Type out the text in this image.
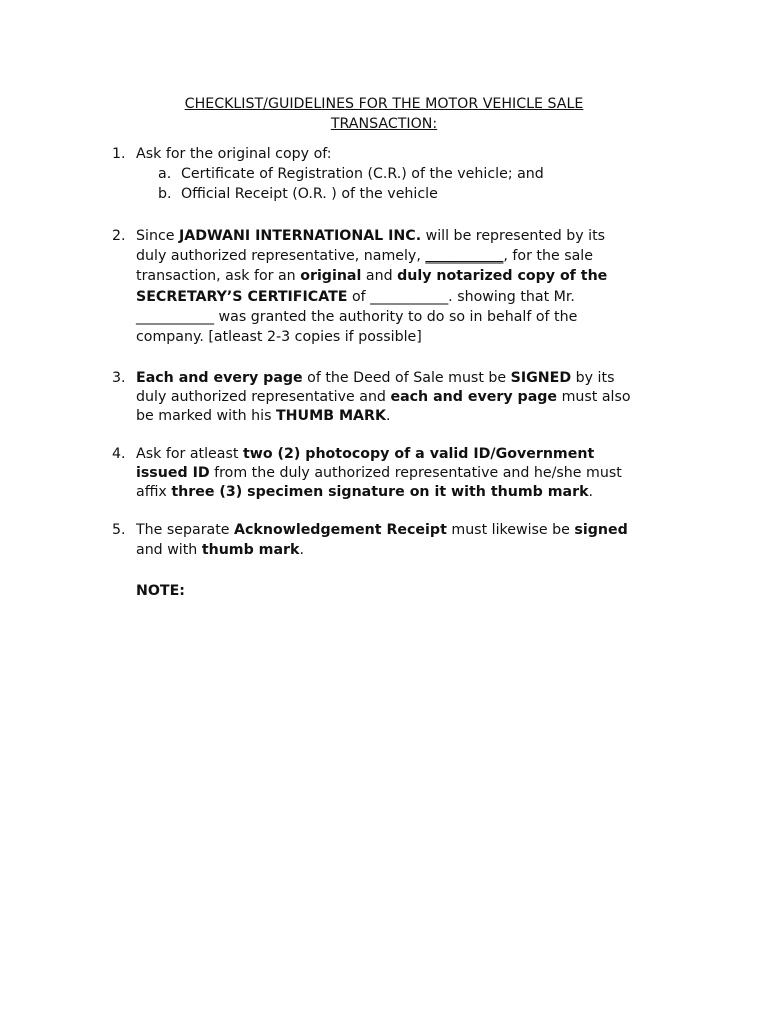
CHECKLIST/GUIDELINES FOR THE MOTOR VEHICLE SALE
TRANSACTION:
1. Ask for the original copy of:
a. Certificate of Registration (C.R.) of the vehicle; and
b. Official Receipt (O.R. ) of the vehicle
2. Since JADWANI INTERNATIONAL INC. will be represented by its
duly authorized representative, namely, ___________, for the sale
transaction, ask for an original and duly notarized copy of the
SECRETARY’S CERTIFICATE of ___________. showing that Mr.
___________ was granted the authority to do so in behalf of the
company. [atleast 2-3 copies if possible]
3. Each and every page of the Deed of Sale must be SIGNED by its
duly authorized representative and each and every page must also
be marked with his THUMB MARK.
4. Ask for atleast two (2) photocopy of a valid ID/Government
issued ID from the duly authorized representative and he/she must
affix three (3) specimen signature on it with thumb mark.
5. The separate Acknowledgement Receipt must likewise be signed
and with thumb mark.
NOTE:
